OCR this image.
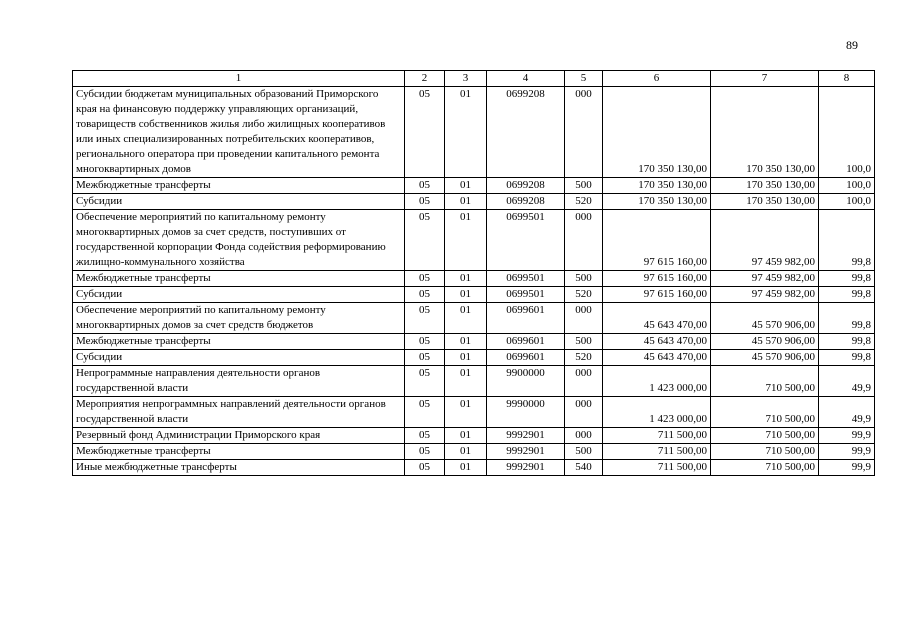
89
1	2	3	4	5	6	7	8
Субсидии бюджетам муниципальных образований Приморского края на финансовую поддержку управляющих организаций, товариществ собственников жилья либо жилищных кооперативов или иных специализированных потребительских кооперативов, регионального оператора при проведении капитального ремонта многоквартирных домов	05	01	0699208	000	170 350 130,00	170 350 130,00	100,0
Межбюджетные трансферты	05	01	0699208	500	170 350 130,00	170 350 130,00	100,0
Субсидии	05	01	0699208	520	170 350 130,00	170 350 130,00	100,0
Обеспечение мероприятий по капитальному ремонту многоквартирных домов за счет средств, поступивших от государственной корпорации Фонда содействия реформированию жилищно-коммунального хозяйства	05	01	0699501	000	97 615 160,00	97 459 982,00	99,8
Межбюджетные трансферты	05	01	0699501	500	97 615 160,00	97 459 982,00	99,8
Субсидии	05	01	0699501	520	97 615 160,00	97 459 982,00	99,8
Обеспечение мероприятий по капитальному ремонту многоквартирных домов за счет средств бюджетов	05	01	0699601	000	45 643 470,00	45 570 906,00	99,8
Межбюджетные трансферты	05	01	0699601	500	45 643 470,00	45 570 906,00	99,8
Субсидии	05	01	0699601	520	45 643 470,00	45 570 906,00	99,8
Непрограммные направления деятельности органов государственной власти	05	01	9900000	000	1 423 000,00	710 500,00	49,9
Мероприятия непрограммных направлений деятельности органов государственной власти	05	01	9990000	000	1 423 000,00	710 500,00	49,9
Резервный фонд Администрации Приморского края	05	01	9992901	000	711 500,00	710 500,00	99,9
Межбюджетные трансферты	05	01	9992901	500	711 500,00	710 500,00	99,9
Иные межбюджетные трансферты	05	01	9992901	540	711 500,00	710 500,00	99,9
